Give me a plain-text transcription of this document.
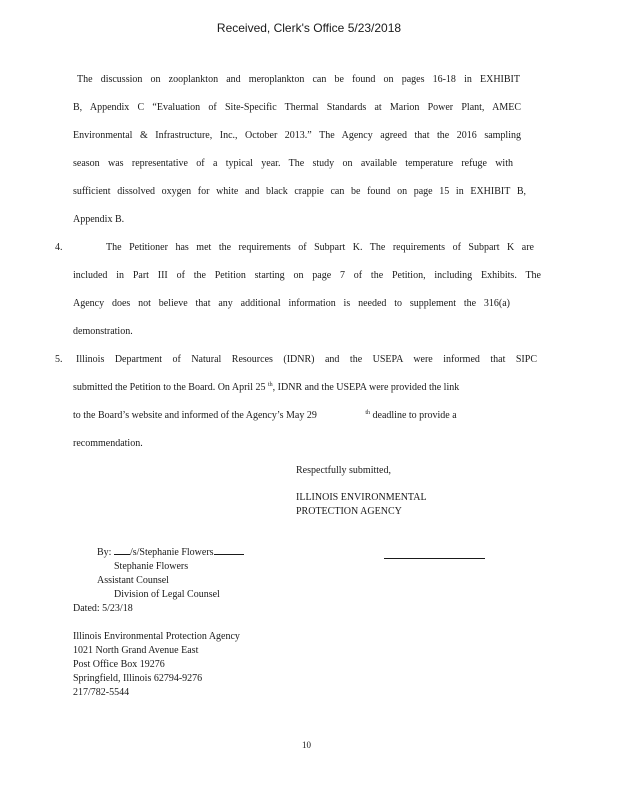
Received, Clerk's Office 5/23/2018
The discussion on zooplankton and meroplankton can be found on pages 16-18 in EXHIBIT
B, Appendix C “Evaluation of Site-Specific Thermal Standards at Marion Power Plant, AMEC
Environmental & Infrastructure, Inc., October 2013.” The Agency agreed that the 2016 sampling
season was representative of a typical year. The study on available temperature refuge with
sufficient dissolved oxygen for white and black crappie can be found on page 15 in EXHIBIT B,
Appendix B.
4.	The Petitioner has met the requirements of Subpart K. The requirements of Subpart K are
included in Part III of the Petition starting on page 7 of the Petition, including Exhibits. The
Agency does not believe that any additional information is needed to supplement the 316(a)
demonstration.
5. Illinois Department of Natural Resources (IDNR) and the USEPA were informed that SIPC
submitted the Petition to the Board. On April 25 $^{th}$, IDNR and the USEPA were provided the link
to the Board’s website and informed of the Agency’s May 29	$^{th}$ deadline to provide a
recommendation.
Respectfully submitted,
ILLINOIS ENVIRONMENTAL
PROTECTION AGENCY
By: /s/Stephanie Flowers
Stephanie Flowers
Assistant Counsel
Division of Legal Counsel
Dated: 5/23/18
Illinois Environmental Protection Agency
1021 North Grand Avenue East
Post Office Box 19276
Springfield, Illinois 62794-9276
217/782-5544
10
